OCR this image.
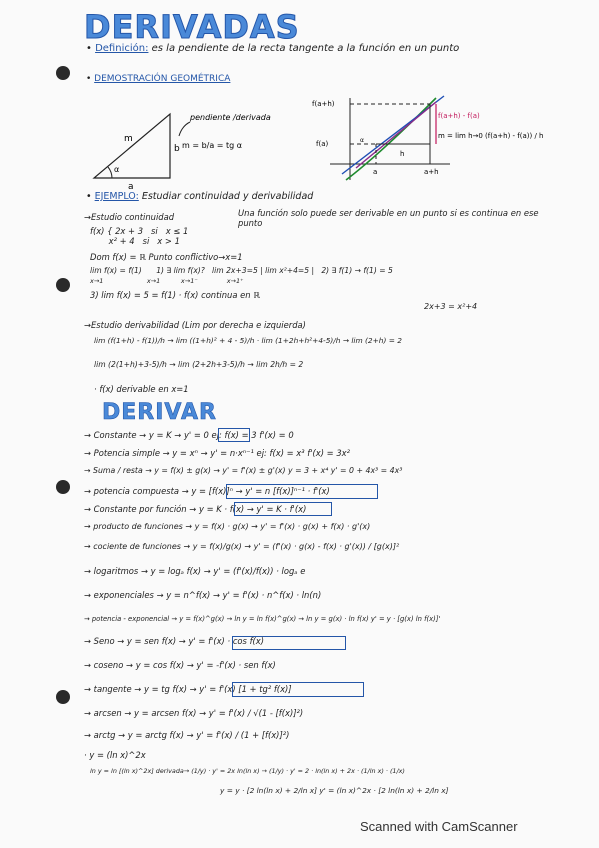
DERIVADAS
• Definición: es la pendiente de la recta tangente a la función en un punto
• DEMOSTRACIÓN GEOMÉTRICA
α
m
b
a
pendiente /derivada
m = b/a = tg α
f(a+h)
f(a)
h
a	a+h
α
f(a+h) - f(a)
m = lim h→0 (f(a+h) - f(a)) / h
• EJEMPLO: Estudiar continuidad y derivabilidad
Una función solo puede ser derivable en un punto si es continua en ese punto
→Estudio continuidad
f(x) { 2x + 3   si   x ≤ 1
x² + 4   si   x > 1
Dom f(x) = ℝ Punto conflictivo→x=1
lim f(x) = f(1)      1) ∃ lim f(x)?   lim 2x+3=5 | lim x²+4=5 |   2) ∃ f(1) → f(1) = 5
x→1                     x→1          x→1⁻              x→1⁺
2x+3 = x²+4
3) lim f(x) = 5 = f(1) · f(x) continua en ℝ
→Estudio derivabilidad (Lim por derecha e izquierda)
lim (f(1+h) - f(1))/h → lim ((1+h)² + 4 - 5)/h · lim (1+2h+h²+4-5)/h → lim (2+h) = 2
lim (2(1+h)+3-5)/h → lim (2+2h+3-5)/h → lim 2h/h = 2
· f(x) derivable en x=1
DERIVAR
→ Constante → y = K → y' = 0 ej: f(x) = 3 f'(x) = 0
→ Potencia simple → y = xⁿ → y' = n·xⁿ⁻¹ ej: f(x) = x³ f'(x) = 3x²
→ Suma / resta → y = f(x) ± g(x) → y' = f'(x) ± g'(x) y = 3 + x⁴ y' = 0 + 4x³ = 4x³
→ potencia compuesta → y = [f(x)]ⁿ → y' = n [f(x)]ⁿ⁻¹ · f'(x)
→ Constante por función → y = K · f(x) → y' = K · f'(x)
→ producto de funciones → y = f(x) · g(x) → y' = f'(x) · g(x) + f(x) · g'(x)
→ cociente de funciones → y = f(x)/g(x) → y' = (f'(x) · g(x) - f(x) · g'(x)) / [g(x)]²
→ logaritmos → y = logₐ f(x) → y' = (f'(x)/f(x)) · logₐ e
→ exponenciales → y = n^f(x) → y' = f'(x) · n^f(x) · ln(n)
→ potencia - exponencial → y = f(x)^g(x) → ln y = ln f(x)^g(x) → ln y = g(x) · ln f(x) y' = y · [g(x) ln f(x)]'
→ Seno → y = sen f(x) → y' = f'(x) · cos f(x)
→ coseno → y = cos f(x) → y' = -f'(x) · sen f(x)
→ tangente → y = tg f(x) → y' = f'(x) [1 + tg² f(x)]
→ arcsen → y = arcsen f(x) → y' = f'(x) / √(1 - [f(x)]²)
→ arctg → y = arctg f(x) → y' = f'(x) / (1 + [f(x)]²)
· y = (ln x)^2x
ln y = ln [(ln x)^2x] derivada→ (1/y) · y' = 2x ln(ln x) → (1/y) · y' = 2 · ln(ln x) + 2x · (1/ln x) · (1/x)
y = y · [2 ln(ln x) + 2/ln x] y' = (ln x)^2x · [2 ln(ln x) + 2/ln x]
Scanned with CamScanner
